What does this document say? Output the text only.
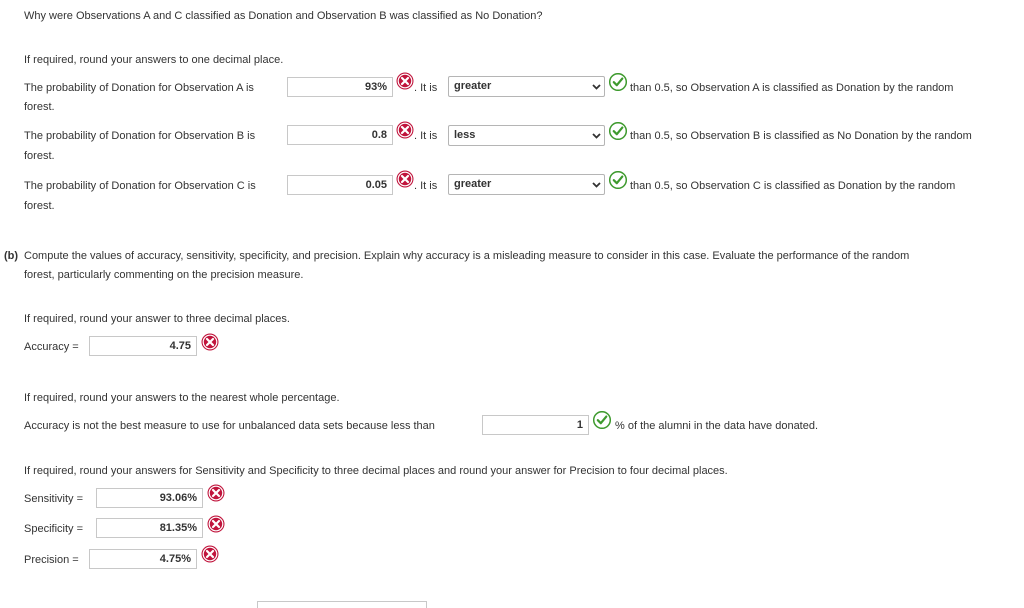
Why were Observations A and C classified as Donation and Observation B was classified as No Donation?
If required, round your answers to one decimal place.
The probability of Donation for Observation A is	93%	. It is	greater	than 0.5, so Observation A is classified as Donation by the random
forest.
The probability of Donation for Observation B is	0.8	. It is	less	than 0.5, so Observation B is classified as No Donation by the random
forest.
The probability of Donation for Observation C is	0.05	. It is	greater	than 0.5, so Observation C is classified as Donation by the random
forest.
(b) Compute the values of accuracy, sensitivity, specificity, and precision. Explain why accuracy is a misleading measure to consider in this case. Evaluate the performance of the random
forest, particularly commenting on the precision measure.
If required, round your answer to three decimal places.
Accuracy =	4.75
If required, round your answers to the nearest whole percentage.
Accuracy is not the best measure to use for unbalanced data sets because less than	1	% of the alumni in the data have donated.
If required, round your answers for Sensitivity and Specificity to three decimal places and round your answer for Precision to four decimal places.
Sensitivity =	93.06%
Specificity =	81.35%
Precision =	4.75%
